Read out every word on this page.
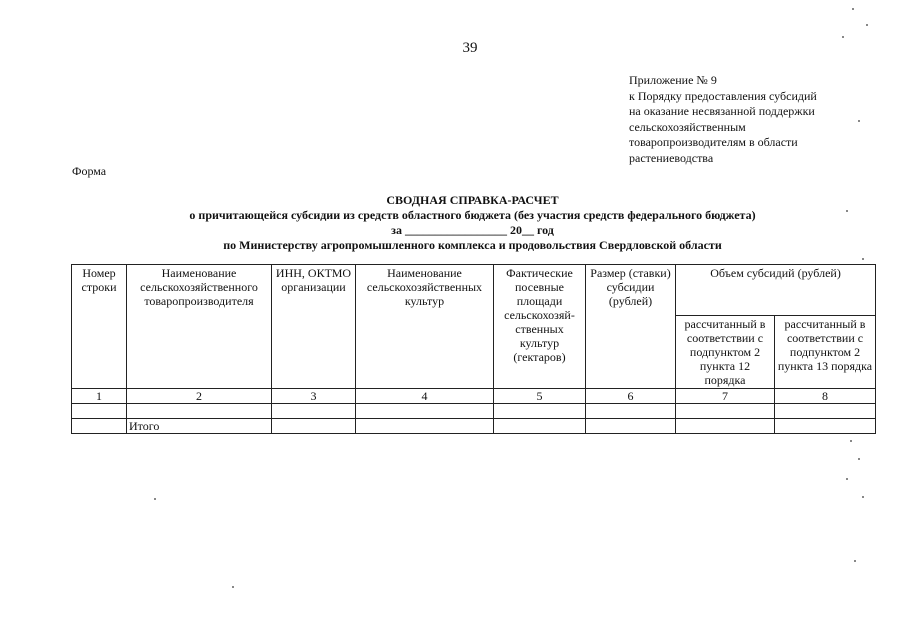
39
Приложение № 9
к Порядку предоставления субсидий
на оказание несвязанной поддержки
сельскохозяйственным
товаропроизводителям в области
растениеводства
Форма
СВОДНАЯ СПРАВКА-РАСЧЕТ
о причитающейся субсидии из средств областного бюджета (без участия средств федерального бюджета)
за _________________ 20__ год
по Министерству агропромышленного комплекса и продовольствия Свердловской области
Номер строки	Наименование сельскохозяйственного товаропроизводителя	ИНН, ОКТМО организации	Наименование сельскохозяйственных культур	Фактические посевные площади сельскохозяй-ственных культур (гектаров)	Размер (ставки) субсидии (рублей)	Объем субсидий (рублей)	
						рассчитанный в соответствии с подпунктом 2 пункта 12 порядка	рассчитанный в соответствии с подпунктом 2 пункта 13 порядка
1	2	3	4	5	6	7	8

	Итого						
